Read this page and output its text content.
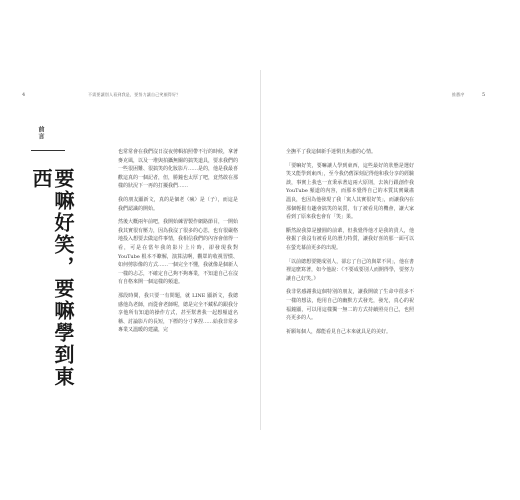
4	不需要讓別人看到我是，要努力讓自己笑顏得好？	推薦序	5
前言
要嘛好笑，要嘛學到東西

也常常會在我們沒日沒夜剪輯拍照帶不行的時候，拿著麥克風，以及一堆與拍攝無關的搞笑道具，要求我們的一些很困難、很搞笑的化妝影片……是的，他是我最喜歡這真的一個記者，但，勝鐘也太厚了吧，竟然敢在那樣的狀況下一再的打擾我們……

我的朋友顯新文，真的是個老（瘋）是（子），而這是我們認識的開始。

然後大概兩年前吧，我開始練習製作網路節目，一開始我其實很有壓力，因為我沒了很多的心思，也有很嚴格地投入想要去做這件事情，我相信我們的內容會值得一看，可是在當年我的影片上片時，卻發現我對 YouTube 根本不瞭解，演算法啊，觀眾的收視習慣、如何剪影像的方式……一個完全不懂，我就像是個新人一樣的忐忑，不確定自己夠不夠專業，不知道自己在沒有自格來開一個這樣的頻道。

那段時間，我只要一有問題，就 LINE 顯新文，我總感他為老師，而從會老師呢，總是完全不藏私的跟我分享他所有知道的操作方式，甚至幫著我一起想頻道名稱、討論影片的長短，下標的分寸拿捏……給我非常多專業又溫暖的建議，完

全撫平了我這個新手迷惘且焦慮的心情。

「要嘛好笑，要嘛讓人學到東西，這些最好的狀態是選好笑又能學到東西」，至今我仍舊深刻記得他和我分享的經驗談，事實上我也一直秉承著這兩大原則，去執行跟創作我 YouTube 頻道的內容，而那本覺得自己的本質其實嚴肅溫良，也因為他發現了我「寓人其實很好笑」，而讓我內在那個輕鬆有趣會搞笑的氣質，有了被看見的機會，讓大家看到了原來我也會有「笑」果。

斷然說我算是蠻圓的前輩，但我覺得他才是我的貴人，他發掘了我沒有被看見的潛力特質，讓我好喜的那一面可以在螢光幕前更多的出現。

「以前總想要變成別人，卻忘了自己的與眾不同」，他在書裡這麼寫著，如今他說：《不要成要別人而開得學，要努力讓自己好笑。》

我非常感謝我這個特別的朋友，讓我開啟了生命中很多不一樣的想法，他用自己的幽默方式發光，發光，真心的祝福鐘顯，可以用這樣獨一無二的方式持續照亮自己，也照亮更多的人。

祈願每個人，都能看見自己本來就具足的美好。
